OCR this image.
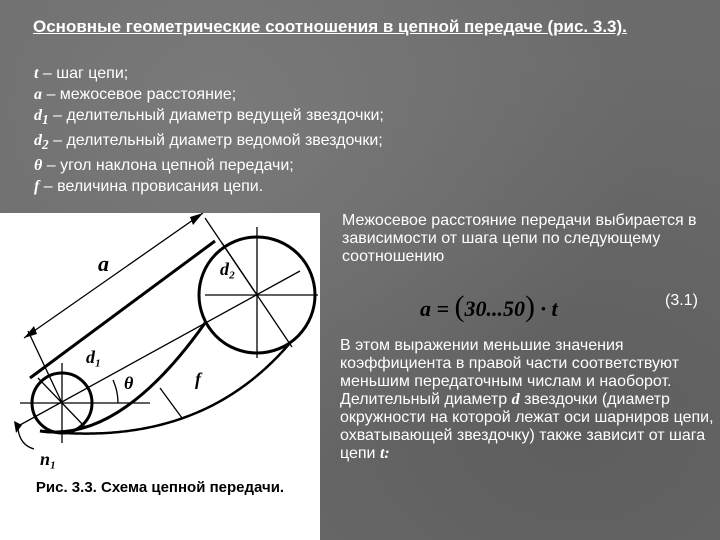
Основные геометрические соотношения в цепной передаче (рис. 3.3).
t – шаг цепи;
a – межосевое расстояние;
$d_1$ – делительный диаметр ведущей звездочки;
$d_2$ – делительный диаметр ведомой звездочки;
θ – угол наклона цепной передачи;
f – величина провисания цепи.
a	d₂
d₁
θ	f
n₁
Рис. 3.3. Схема цепной передачи.
Межосевое расстояние передачи выбирается в зависимости от шага цепи по следующему соотношению
a = (30...50) · t	(3.1)
В этом выражении меньшие значения коэффициента в правой части соответствуют меньшим передаточным числам и наоборот. Делительный диаметр d звездочки (диаметр окружности на которой лежат оси шарниров цепи, охватывающей звездочку) также зависит от шага цепи t:
